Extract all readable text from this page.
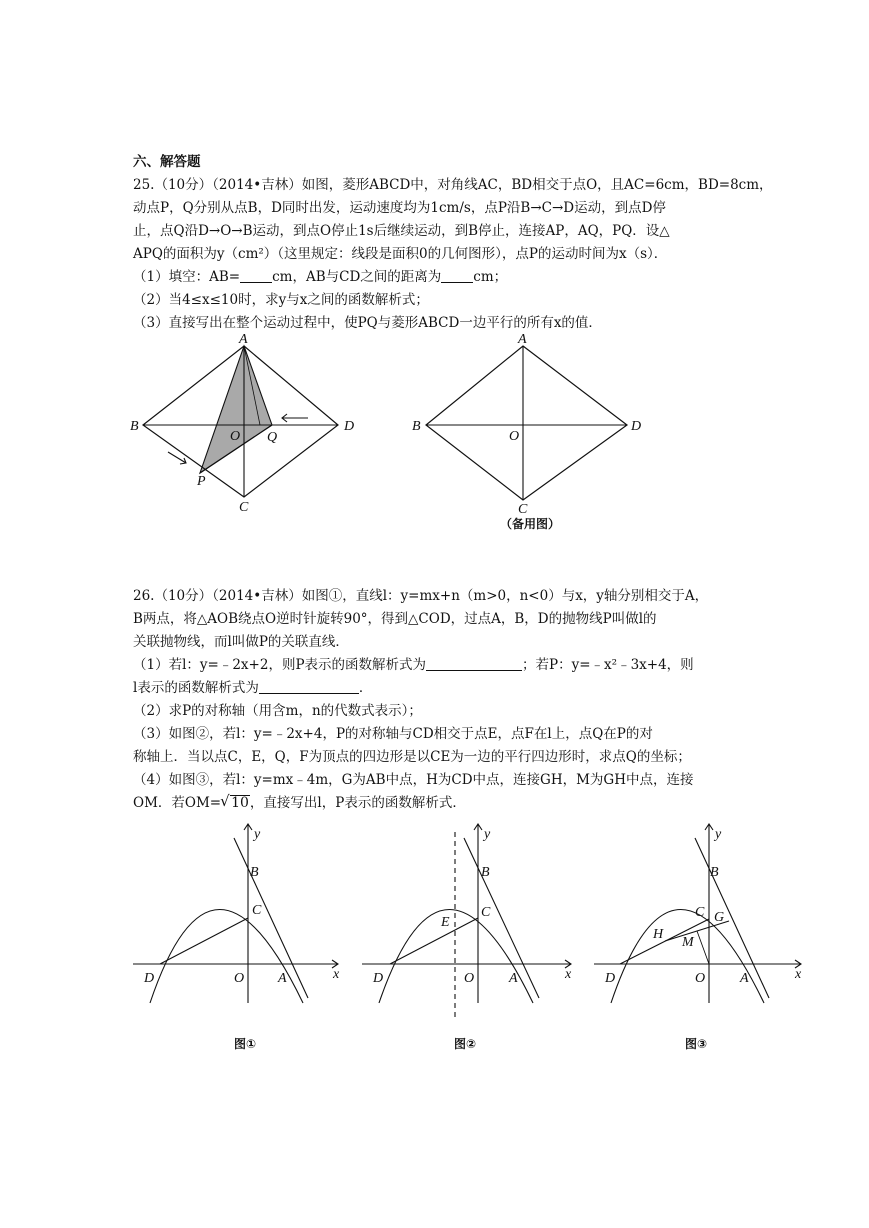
六、解答题
25.（10分）（2014•吉林）如图，菱形ABCD中，对角线AC，BD相交于点O，且AC=6cm，BD=8cm，
动点P，Q分别从点B，D同时出发，运动速度均为1cm/s，点P沿B→C→D运动，到点D停
止，点Q沿D→O→B运动，到点O停止1s后继续运动，到B停止，连接AP，AQ，PQ．设△
APQ的面积为y（cm²）（这里规定：线段是面积0的几何图形），点P的运动时间为x（s）．
（1）填空：AB= cm，AB与CD之间的距离为 cm；
（2）当4≤x≤10时，求y与x之间的函数解析式；
（3）直接写出在整个运动过程中，使PQ与菱形ABCD一边平行的所有x的值．
A
B
O Q
D
P
C
A
B
O
D
C
（备用图）
26.（10分）（2014•吉林）如图①，直线l：y=mx+n（m>0，n<0）与x，y轴分别相交于A，
B两点，将△AOB绕点O逆时针旋转90°，得到△COD，过点A，B，D的抛物线P叫做l的
关联抛物线，而l叫做P的关联直线．
（1）若l：y=﹣2x+2，则P表示的函数解析式为	；若P：y=﹣x²﹣3x+4，则
l表示的函数解析式为	．
（2）求P的对称轴（用含m，n的代数式表示）；
（3）如图②，若l：y=﹣2x+4，P的对称轴与CD相交于点E，点F在l上，点Q在P的对
称轴上．当以点C，E，Q，F为顶点的四边形是以CE为一边的平行四边形时，求点Q的坐标；
（4）如图③，若l：y=mx﹣4m，G为AB中点，H为CD中点，连接GH，M为GH中点，连接
OM．若OM=√ 10，直接写出l，P表示的函数解析式．
y
B
C
D	O A	x
图①
y
B
E
C
D	O A	x
图②
y
B
C G
H
M
D	O A	x
图③
